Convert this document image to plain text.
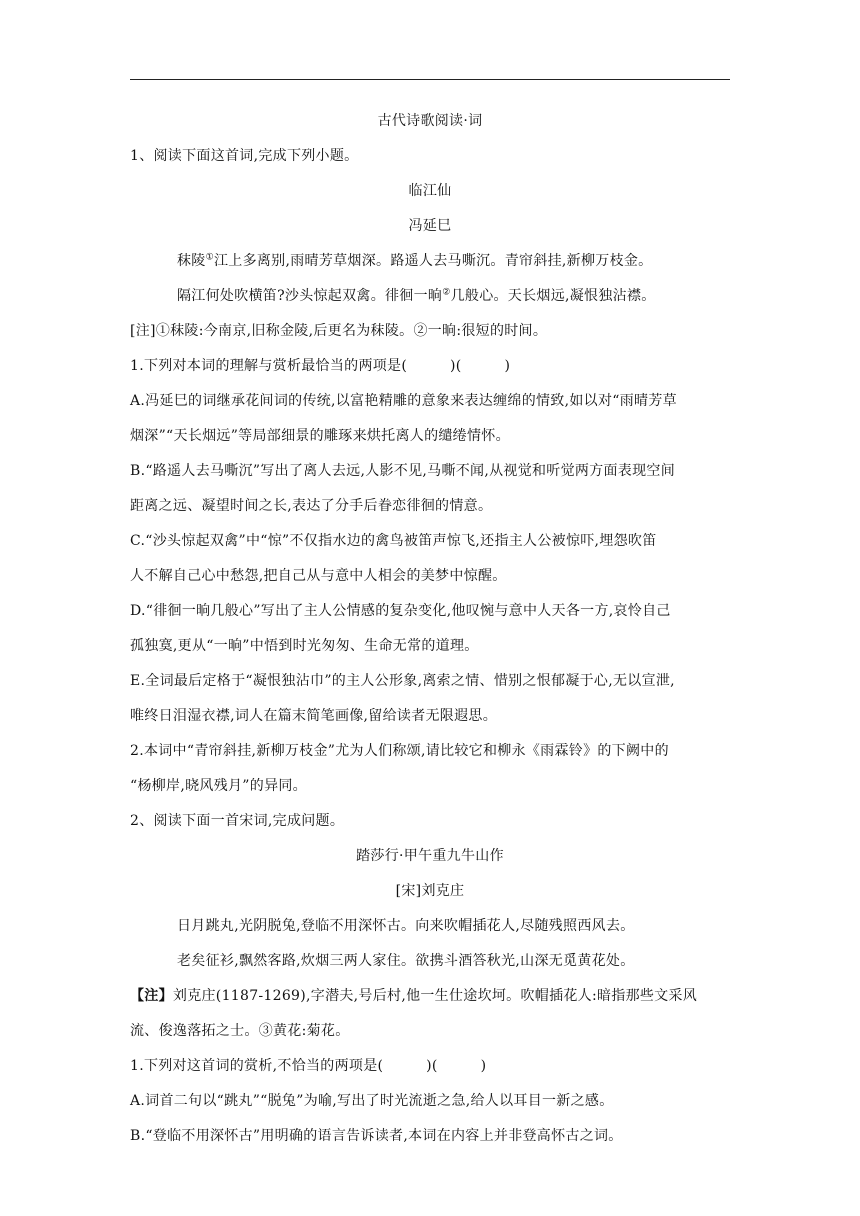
古代诗歌阅读·词
1、阅读下面这首词,完成下列小题。
临江仙
冯延巳
秣陵①江上多离别,雨晴芳草烟深。路遥人去马嘶沉。青帘斜挂,新柳万枝金。
隔江何处吹横笛?沙头惊起双禽。徘徊一晌②几般心。天长烟远,凝恨独沾襟。
[注]①秣陵:今南京,旧称金陵,后更名为秣陵。②一晌:很短的时间。
1.下列对本词的理解与赏析最恰当的两项是(　　　)(　　　)
A.冯延巳的词继承花间词的传统,以富艳精雕的意象来表达缠绵的情致,如以对“雨晴芳草
烟深”“天长烟远”等局部细景的雕琢来烘托离人的缱绻情怀。
B.“路遥人去马嘶沉”写出了离人去远,人影不见,马嘶不闻,从视觉和听觉两方面表现空间
距离之远、凝望时间之长,表达了分手后眷恋徘徊的情意。
C.“沙头惊起双禽”中“惊”不仅指水边的禽鸟被笛声惊飞,还指主人公被惊吓,埋怨吹笛
人不解自己心中愁怨,把自己从与意中人相会的美梦中惊醒。
D.“徘徊一晌几般心”写出了主人公情感的复杂变化,他叹惋与意中人天各一方,哀怜自己
孤独寞,更从“一晌”中悟到时光匆匆、生命无常的道理。
E.全词最后定格于“凝恨独沾巾”的主人公形象,离索之情、惜别之恨郁凝于心,无以宣泄,
唯终日泪湿衣襟,词人在篇末简笔画像,留给读者无限遐思。
2.本词中“青帘斜挂,新柳万枝金”尤为人们称颂,请比较它和柳永《雨霖铃》的下阙中的
“杨柳岸,晓风残月”的异同。
2、阅读下面一首宋词,完成问题。
踏莎行·甲午重九牛山作
[宋]刘克庄
日月跳丸,光阴脱兔,登临不用深怀古。向来吹帽插花人,尽随残照西风去。
老矣征衫,飘然客路,炊烟三两人家住。欲携斗酒答秋光,山深无觅黄花处。
【注】刘克庄(1187-1269),字潜夫,号后村,他一生仕途坎坷。吹帽插花人:暗指那些文采风
流、俊逸落拓之士。③黄花:菊花。
1.下列对这首词的赏析,不恰当的两项是(　　　)(　　　)
A.词首二句以“跳丸”“脱兔”为喻,写出了时光流逝之急,给人以耳目一新之感。
B.“登临不用深怀古”用明确的语言告诉读者,本词在内容上并非登高怀古之词。
